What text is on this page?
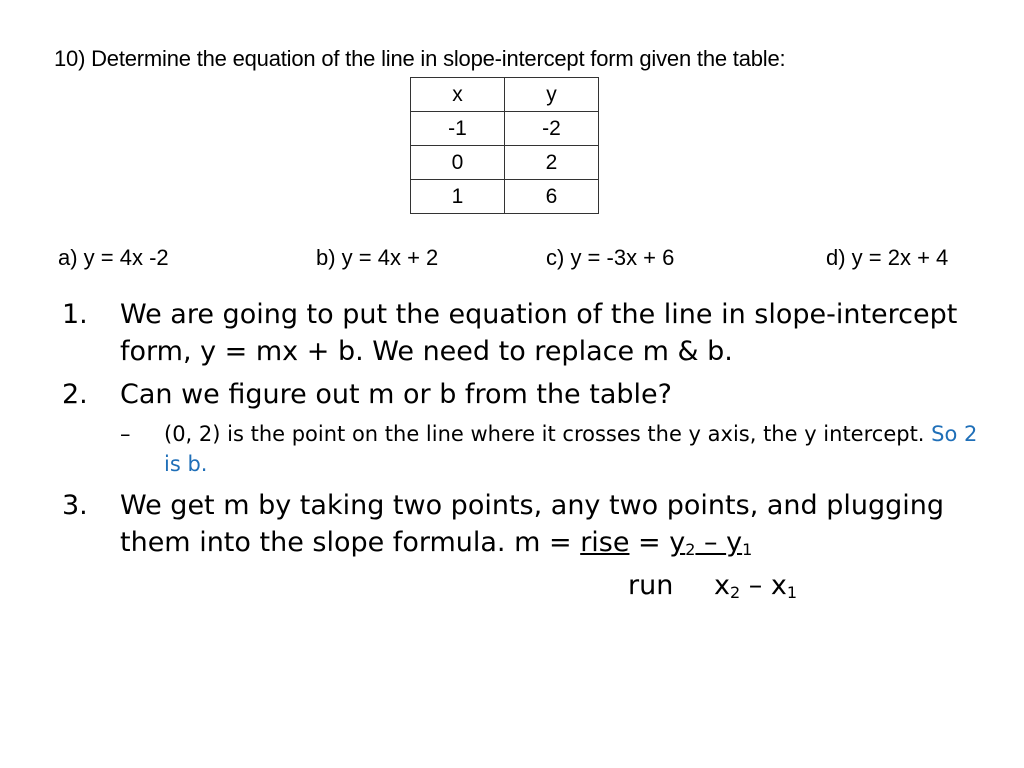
10) Determine the equation of the line in slope-intercept form given the table:
x	y
-1	-2
0	2
1	6
a) y = 4x -2	b) y = 4x + 2	c) y = -3x + 6	d) y = 2x + 4
1. We are going to put the equation of the line in slope-intercept form, y = mx + b. We need to replace m & b.
2. Can we figure out m or b from the table?
– (0, 2) is the point on the line where it crosses the y axis, the y intercept. So 2 is b.
3. We get m by taking two points, any two points, and plugging them into the slope formula. m = rise = $y_2 - y_1$
run $x_2 - x_1$
